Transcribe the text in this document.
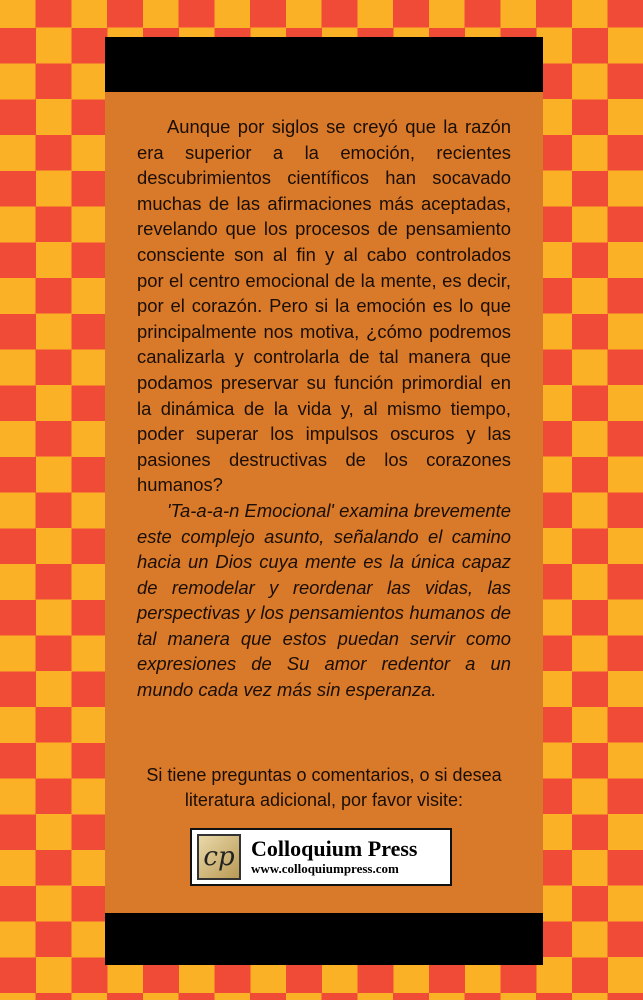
Aunque por siglos se creyó que la razón era superior a la emoción, recientes descubrimientos científicos han socavado muchas de las afirmaciones más aceptadas, revelando que los procesos de pensamiento consciente son al fin y al cabo controlados por el centro emocional de la mente, es decir, por el corazón. Pero si la emoción es lo que principalmente nos motiva, ¿cómo podremos canalizarla y controlarla de tal manera que podamos preservar su función primordial en la dinámica de la vida y, al mismo tiempo, poder superar los impulsos oscuros y las pasiones destructivas de los corazones humanos?

'Ta-a-a-n Emocional' examina brevemente este complejo asunto, señalando el camino hacia un Dios cuya mente es la única capaz de remodelar y reordenar las vidas, las perspectivas y los pensamientos humanos de tal manera que estos puedan servir como expresiones de Su amor redentor a un mundo cada vez más sin esperanza.

Si tiene preguntas o comentarios, o si desea
literatura adicional, por favor visite:
cp Colloquium Press
www.colloquiumpress.com
